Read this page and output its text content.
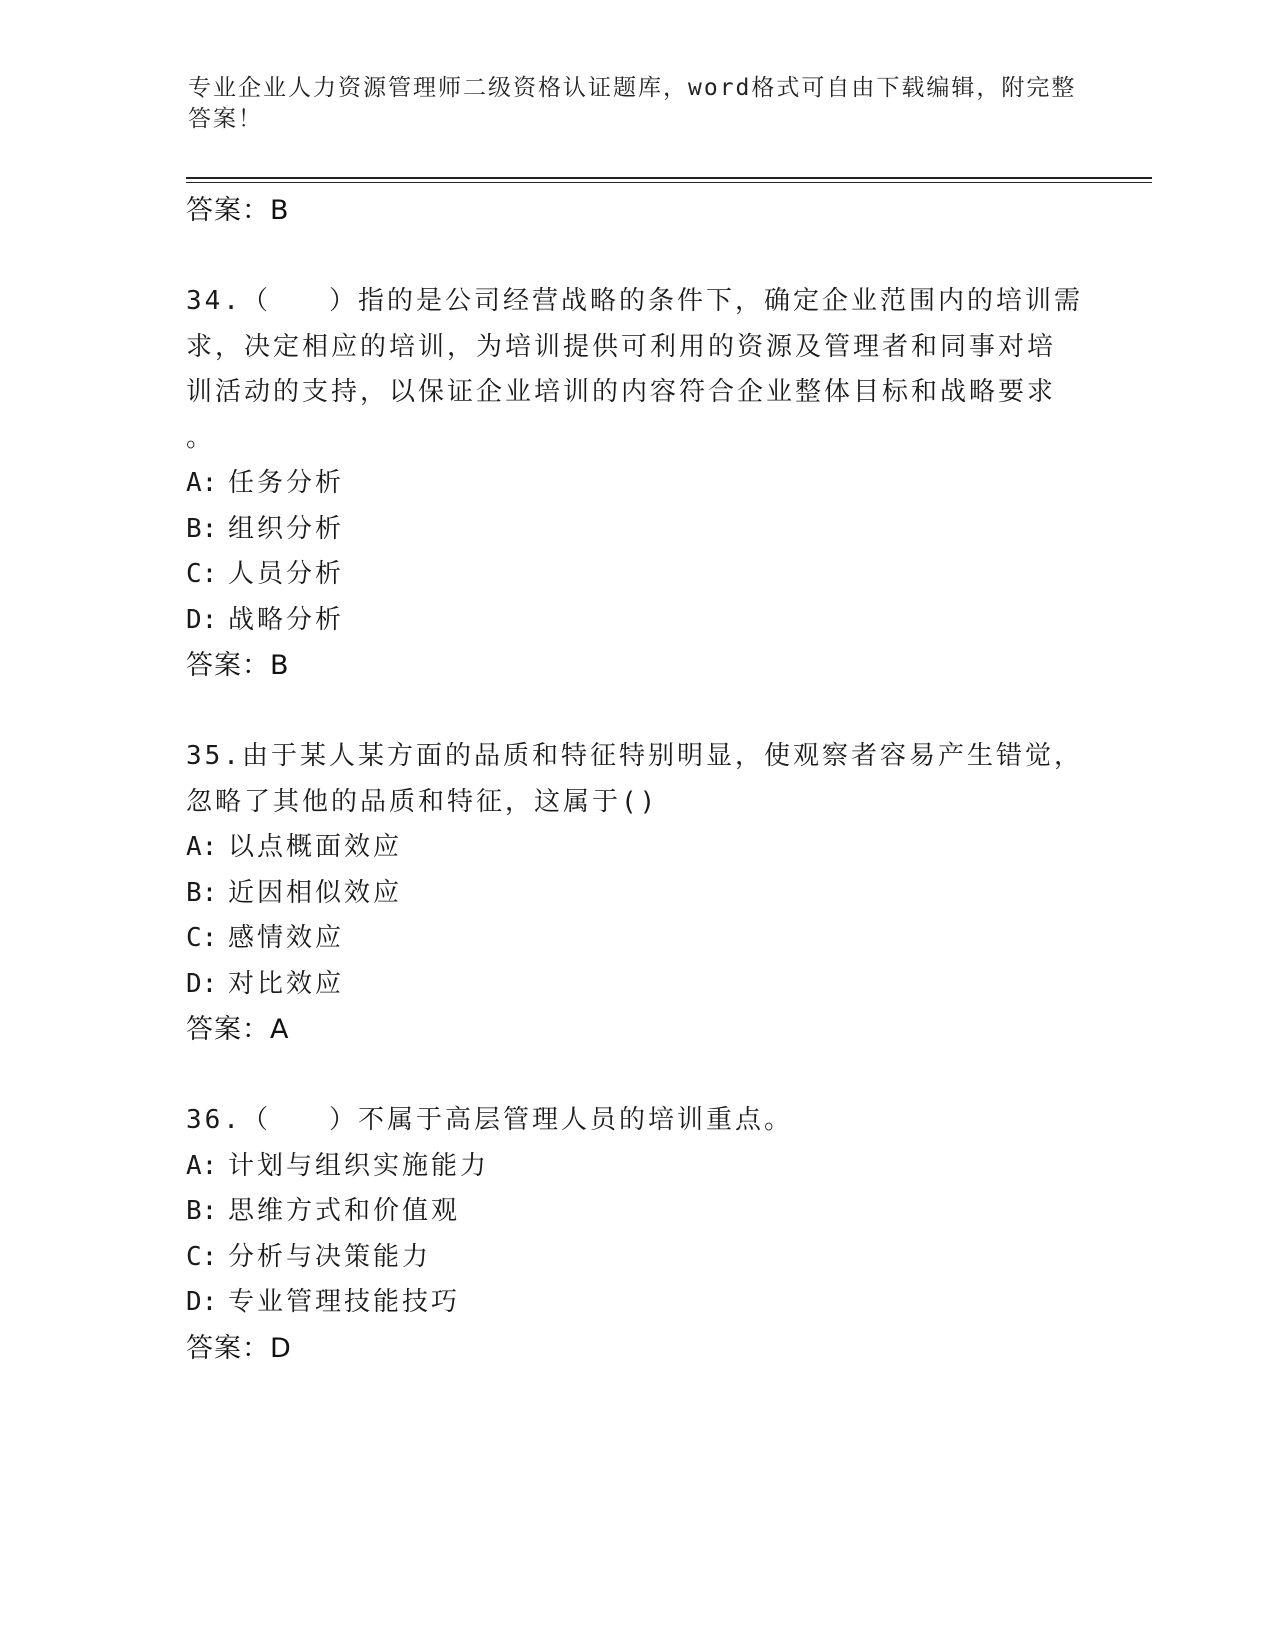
专业企业人力资源管理师二级资格认证题库，word格式可自由下载编辑，附完整
答案！
答案：B
34.（　　）指的是公司经营战略的条件下，确定企业范围内的培训需
求，决定相应的培训，为培训提供可利用的资源及管理者和同事对培
训活动的支持，以保证企业培训的内容符合企业整体目标和战略要求
。
A: 任务分析
B: 组织分析
C: 人员分析
D: 战略分析
答案：B
35.由于某人某方面的品质和特征特别明显，使观察者容易产生错觉，
忽略了其他的品质和特征，这属于()
A: 以点概面效应
B: 近因相似效应
C: 感情效应
D: 对比效应
答案：A
36.（　　）不属于高层管理人员的培训重点。
A: 计划与组织实施能力
B: 思维方式和价值观
C: 分析与决策能力
D: 专业管理技能技巧
答案：D
